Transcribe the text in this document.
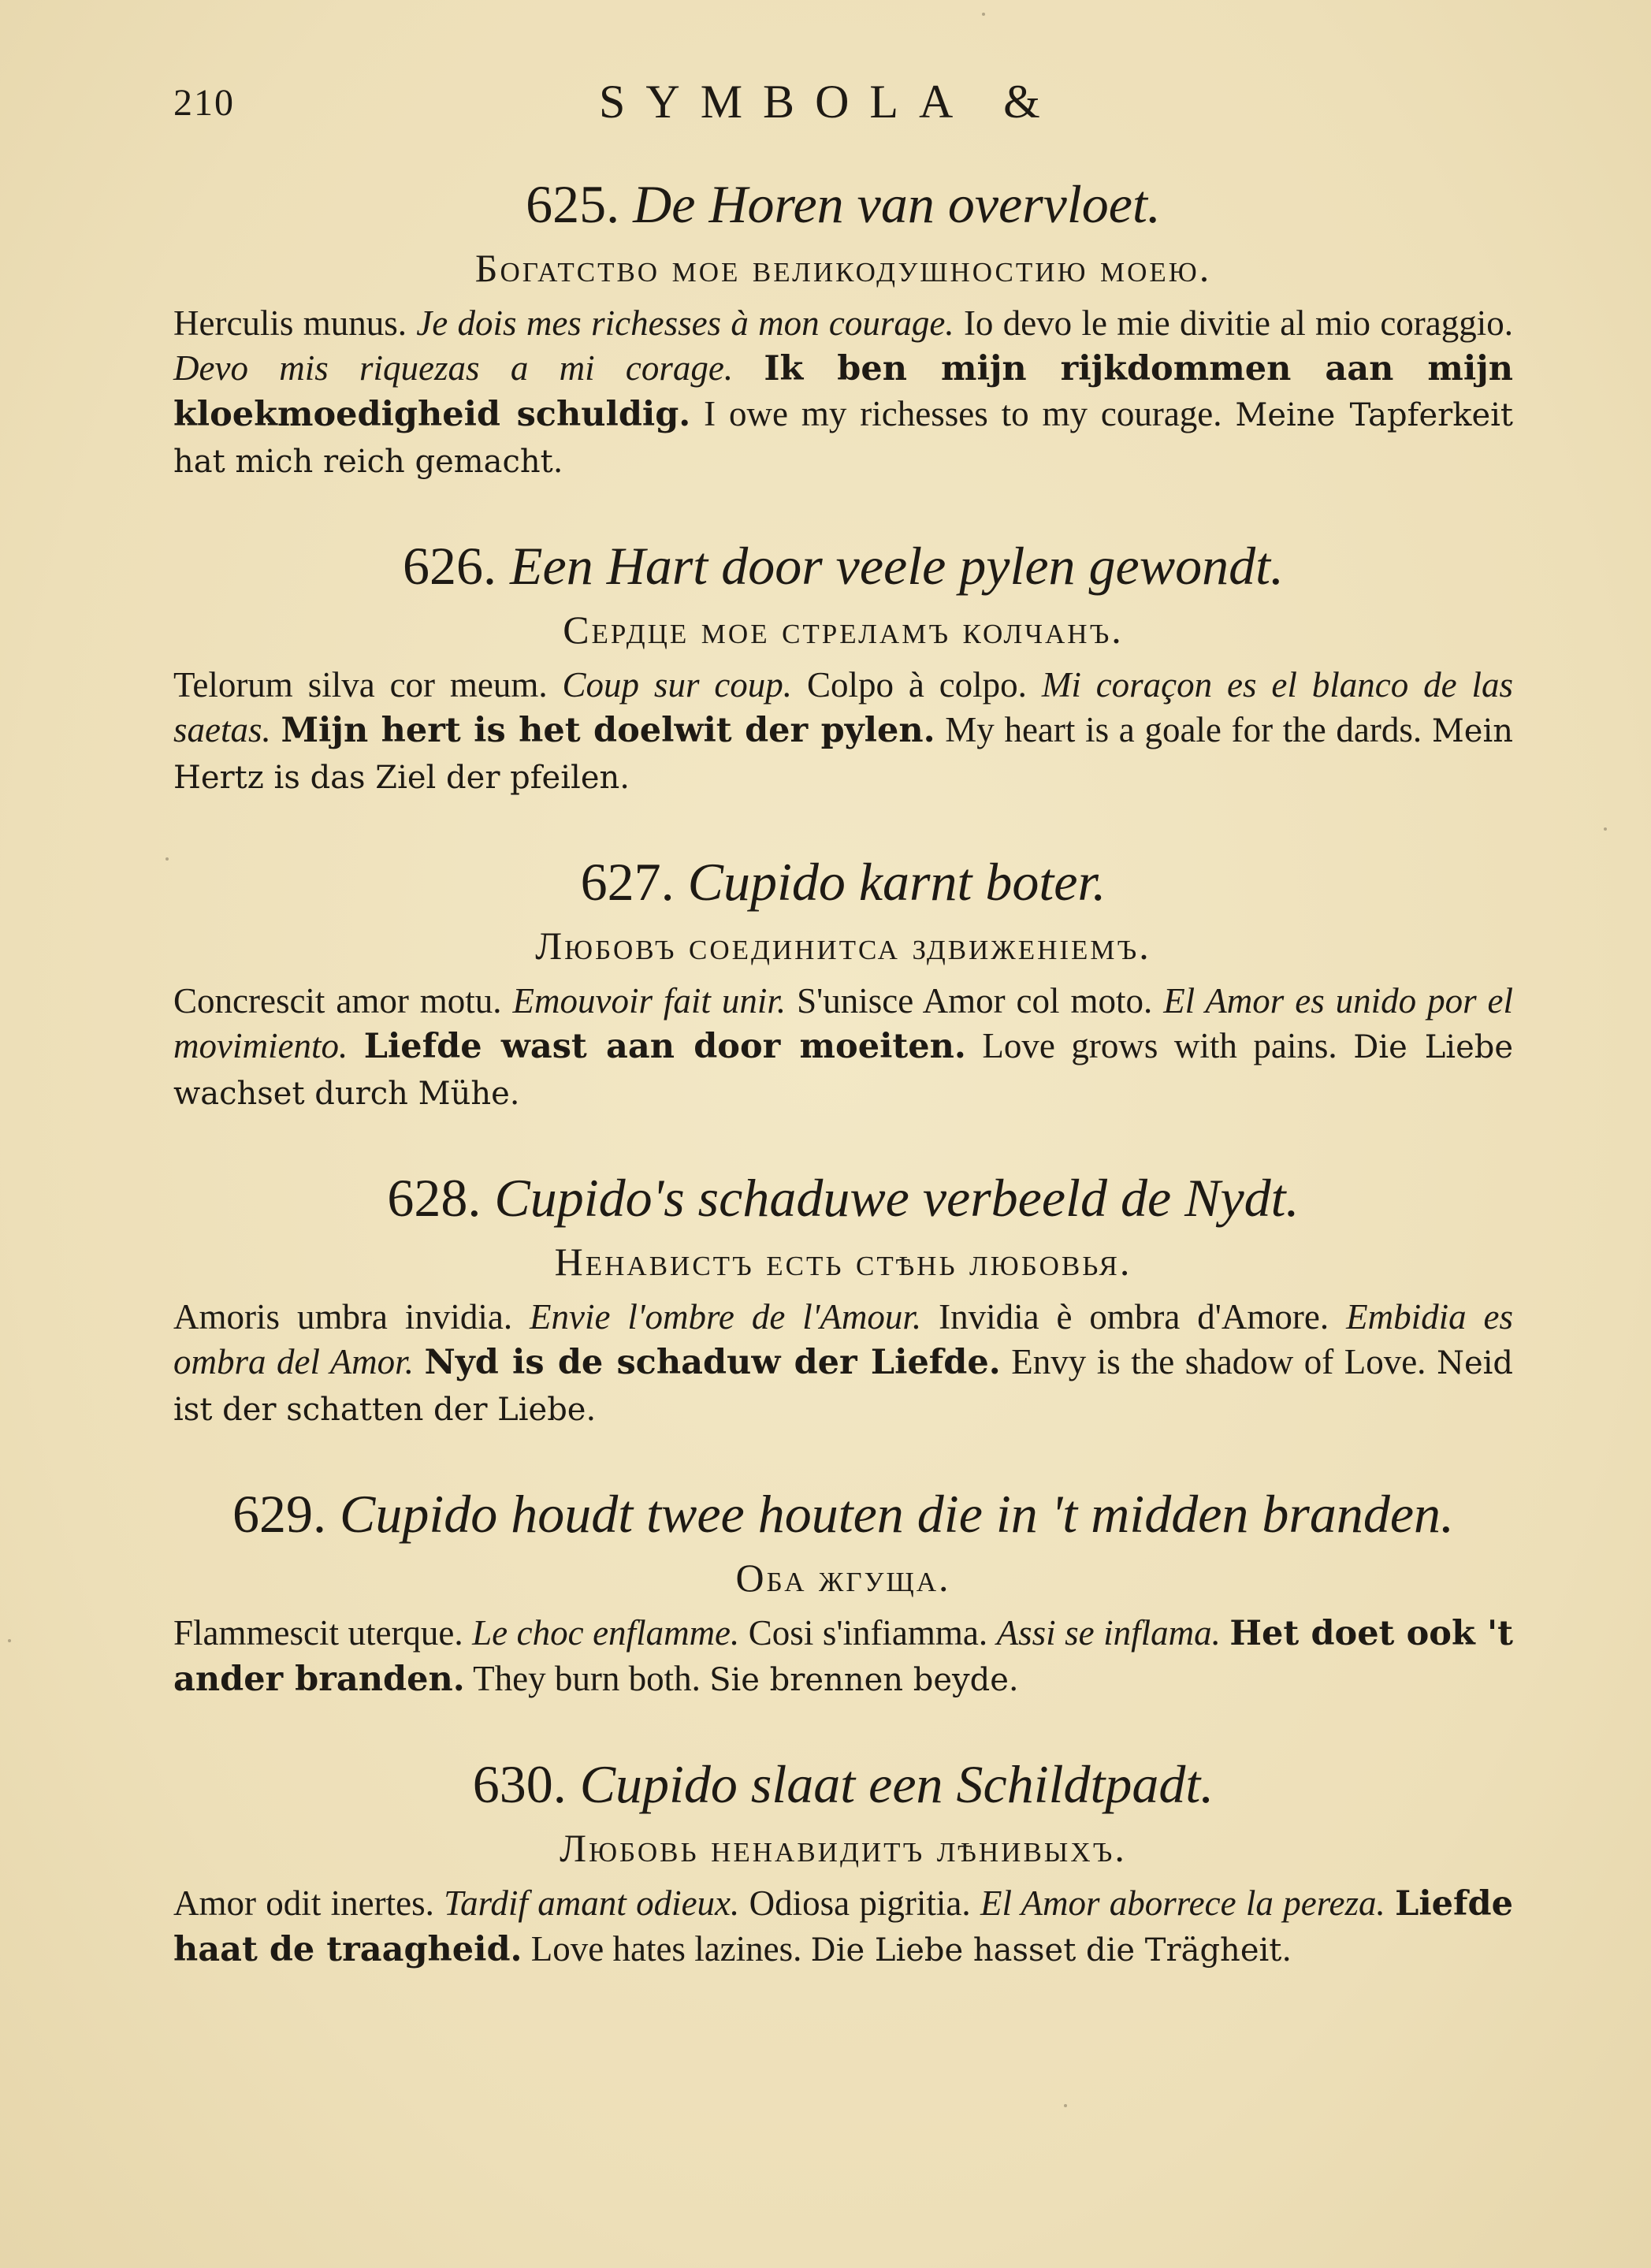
210	SYMBOLA &

625. De Horen van overvloet.

Богатство мое великодушностию моею.

Herculis munus. Je dois mes richesses à mon courage. Io devo le mie divitie al mio coraggio. Devo mis riquezas a mi corage. Ik ben mijn rijkdommen aan mijn kloekmoedigheid schuldig. I owe my richesses to my courage. Meine Tapferkeit hat mich reich gemacht.

626. Een Hart door veele pylen gewondt.

Сердце мое стреламъ колчанъ.

Telorum silva cor meum. Coup sur coup. Colpo à colpo. Mi coraçon es el blanco de las saetas. Mijn hert is het doelwit der pylen. My heart is a goale for the dards. Mein Hertz is das Ziel der pfeilen.

627. Cupido karnt boter.

Любовъ соединитса здвиженіемъ.

Concrescit amor motu. Emouvoir fait unir. S'unisce Amor col moto. El Amor es unido por el movimiento. Liefde wast aan door moeiten. Love grows with pains. Die Liebe wachset durch Mühe.

628. Cupido's schaduwe verbeeld de Nydt.

Ненавистъ есть стѣнь любовья.

Amoris umbra invidia. Envie l'ombre de l'Amour. Invidia è ombra d'Amore. Embidia es ombra del Amor. Nyd is de schaduw der Liefde. Envy is the shadow of Love. Neid ist der schatten der Liebe.

629. Cupido houdt twee houten die in 't midden branden.

Оба жгуща.

Flammescit uterque. Le choc enflamme. Cosi s'infiamma. Assi se inflama. Het doet ook 't ander branden. They burn both. Sie brennen beyde.

630. Cupido slaat een Schildtpadt.

Любовь ненавидитъ лѣнивыхъ.

Amor odit inertes. Tardif amant odieux. Odiosa pigritia. El Amor aborrece la pereza. Liefde haat de traagheid. Love hates lazines. Die Liebe hasset die Trägheit.
